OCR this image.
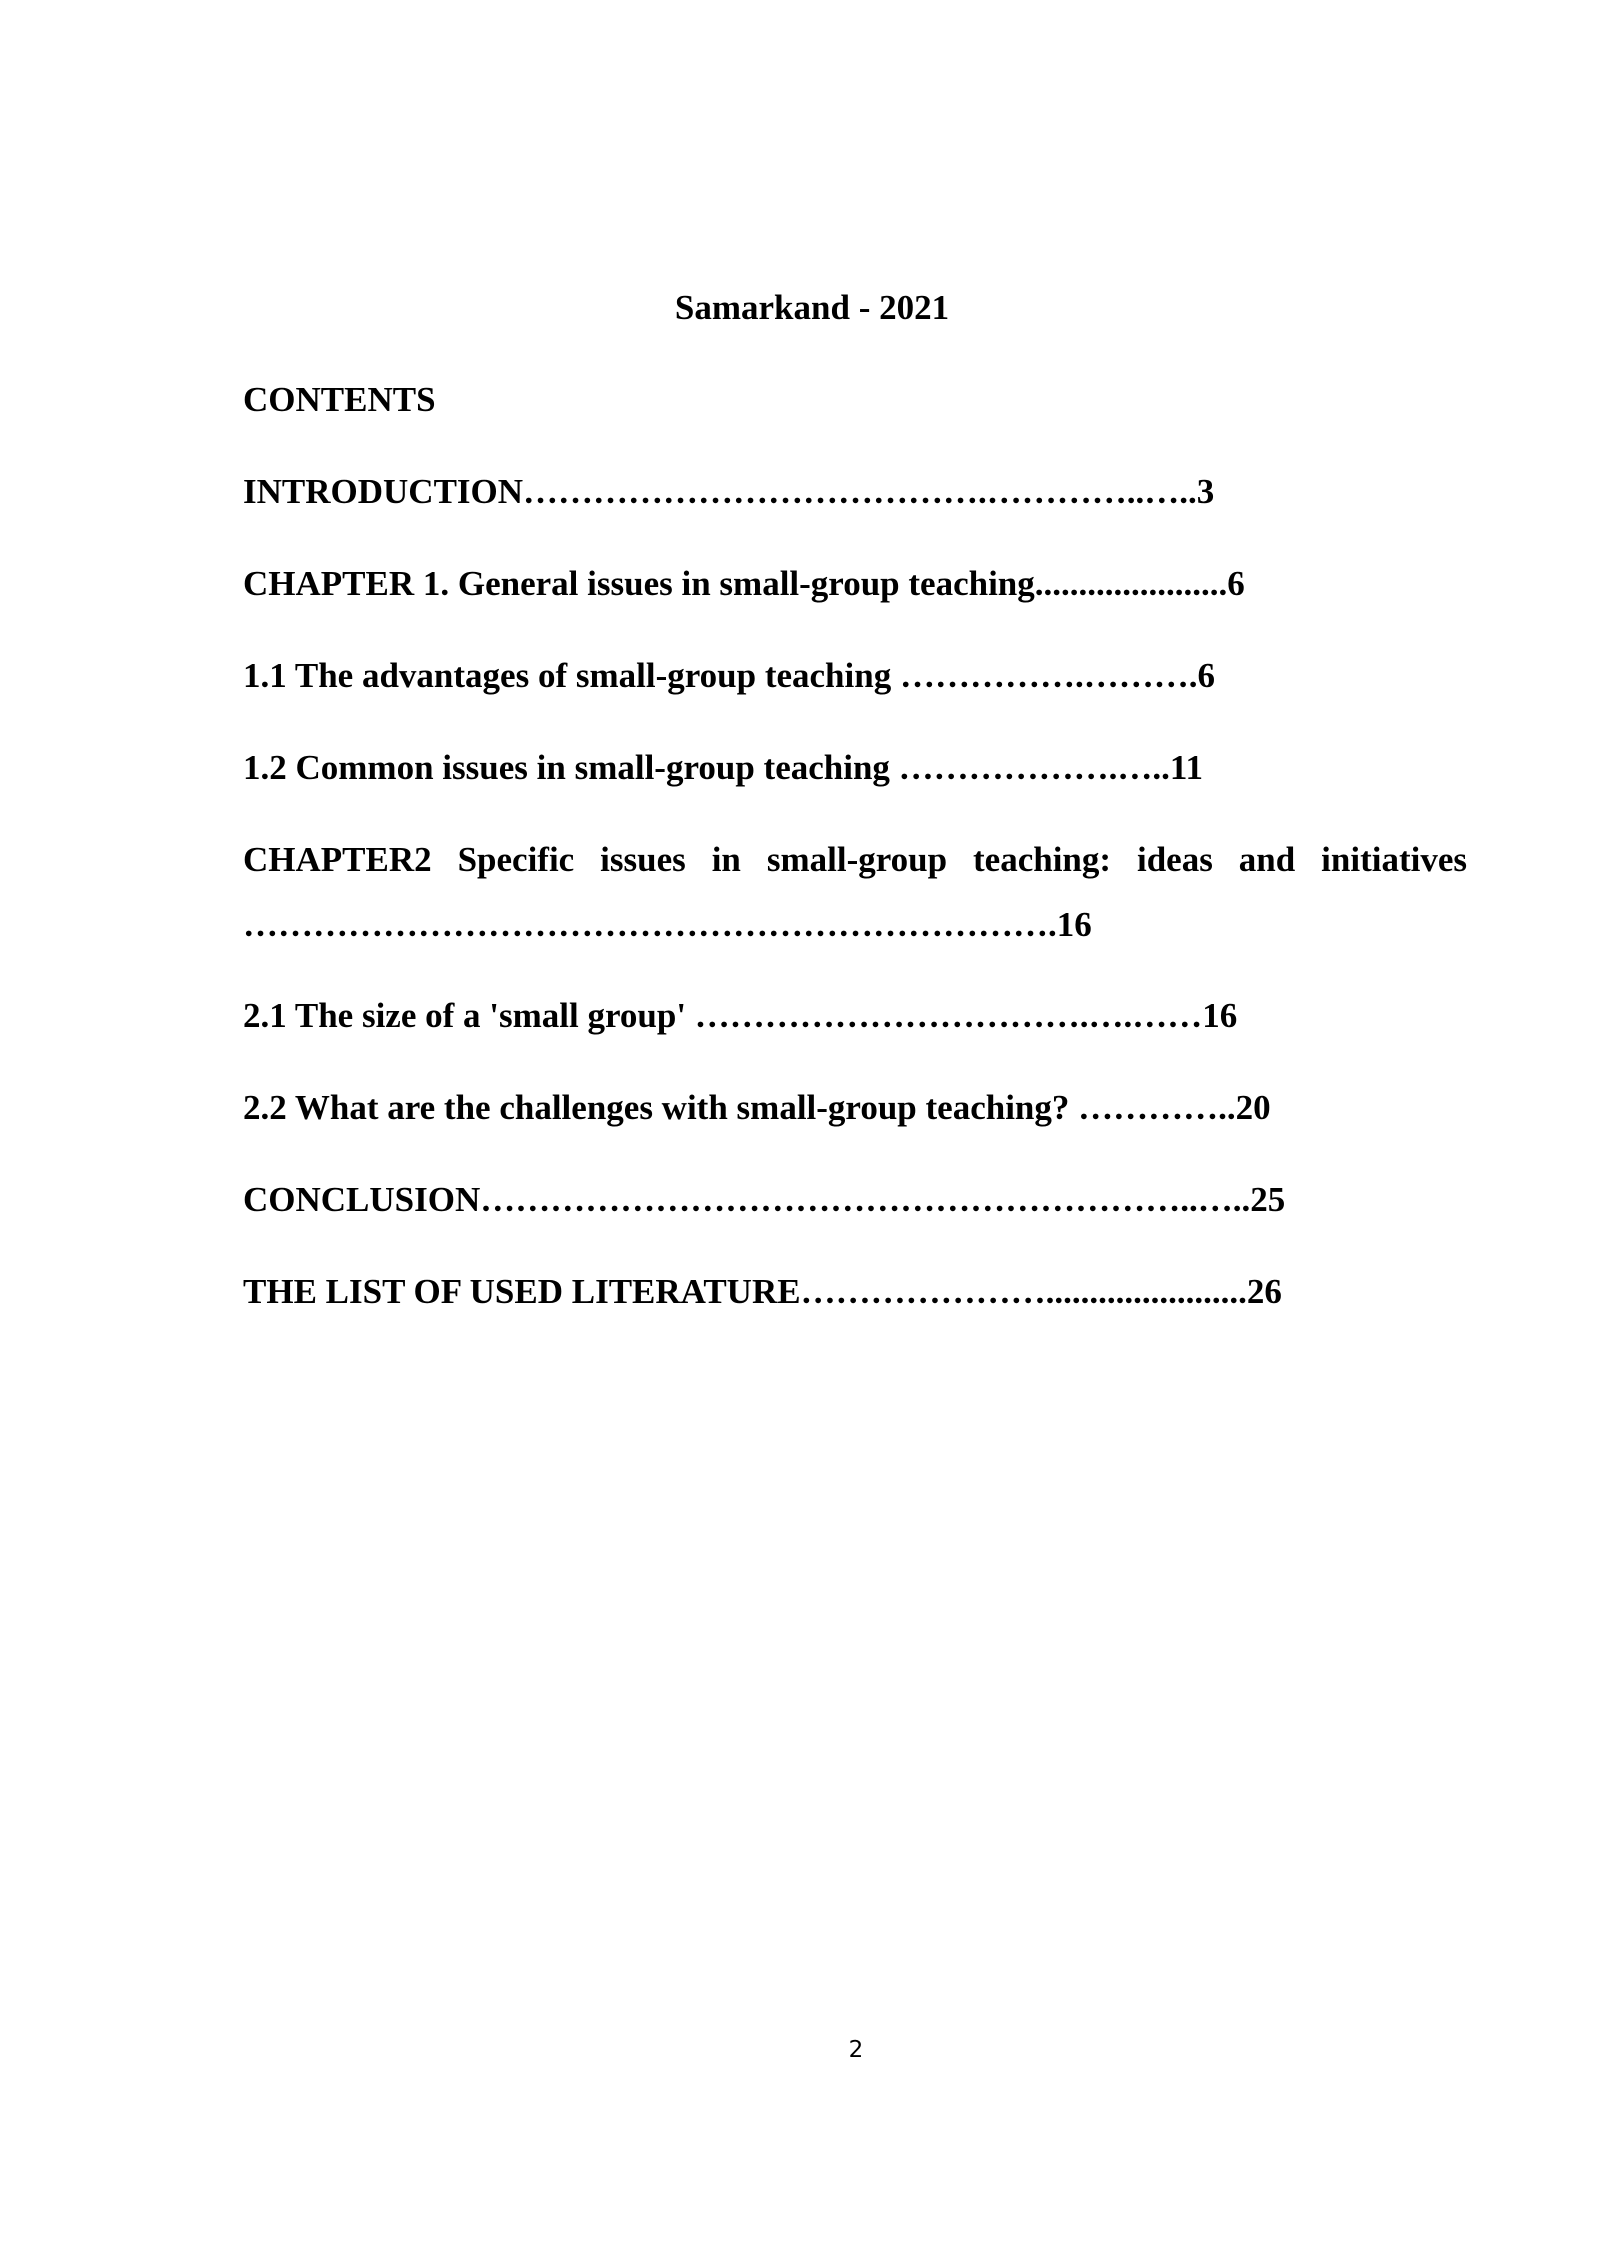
Samarkand - 2021
CONTENTS
INTRODUCTION………………………………….…………..…..3
CHAPTER 1. General issues in small-group teaching......................6
1.1 The advantages of small-group teaching …………….……….6
1.2 Common issues in small-group teaching ……………….…..11
CHAPTER2 Specific issues in small-group teaching: ideas and initiatives
…………………………………………………………….16
2.1 The size of a 'small group' …………………………….….……16
2.2 What are the challenges with small-group teaching? …………..20
CONCLUSION……………………………………………………..…..25
THE LIST OF USED LITERATURE………………….......................26
2
